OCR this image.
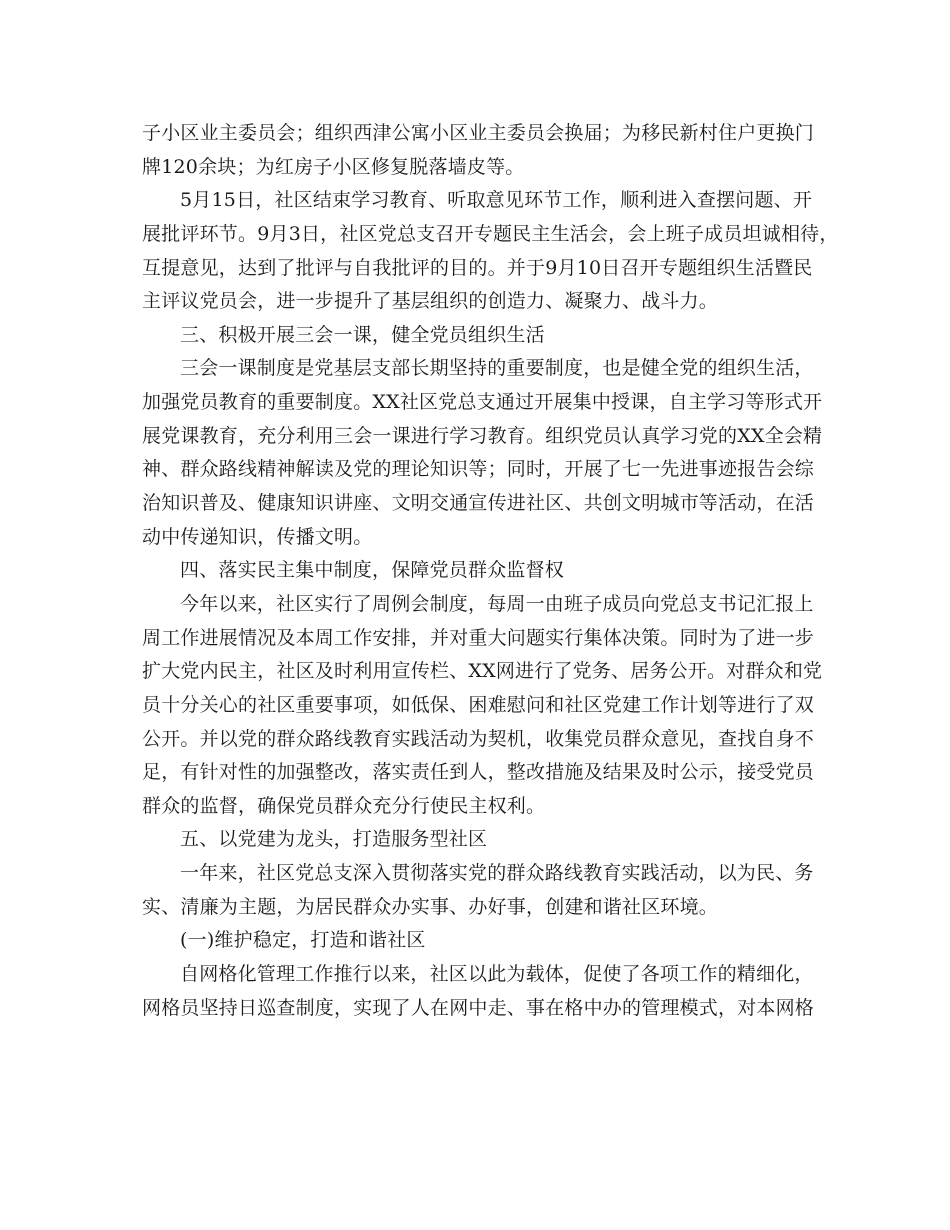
子小区业主委员会；组织西津公寓小区业主委员会换届；为移民新村住户更换门
牌120余块；为红房子小区修复脱落墙皮等。
5月15日，社区结束学习教育、听取意见环节工作，顺利进入查摆问题、开
展批评环节。9月3日，社区党总支召开专题民主生活会，会上班子成员坦诚相待，
互提意见，达到了批评与自我批评的目的。并于9月10日召开专题组织生活暨民
主评议党员会，进一步提升了基层组织的创造力、凝聚力、战斗力。
三、积极开展三会一课，健全党员组织生活
三会一课制度是党基层支部长期坚持的重要制度，也是健全党的组织生活，
加强党员教育的重要制度。XX社区党总支通过开展集中授课，自主学习等形式开
展党课教育，充分利用三会一课进行学习教育。组织党员认真学习党的XX全会精
神、群众路线精神解读及党的理论知识等；同时，开展了七一先进事迹报告会综
治知识普及、健康知识讲座、文明交通宣传进社区、共创文明城市等活动，在活
动中传递知识，传播文明。
四、落实民主集中制度，保障党员群众监督权
今年以来，社区实行了周例会制度，每周一由班子成员向党总支书记汇报上
周工作进展情况及本周工作安排，并对重大问题实行集体决策。同时为了进一步
扩大党内民主，社区及时利用宣传栏、XX网进行了党务、居务公开。对群众和党
员十分关心的社区重要事项，如低保、困难慰问和社区党建工作计划等进行了双
公开。并以党的群众路线教育实践活动为契机，收集党员群众意见，查找自身不
足，有针对性的加强整改，落实责任到人，整改措施及结果及时公示，接受党员
群众的监督，确保党员群众充分行使民主权利。
五、以党建为龙头，打造服务型社区
一年来，社区党总支深入贯彻落实党的群众路线教育实践活动，以为民、务
实、清廉为主题，为居民群众办实事、办好事，创建和谐社区环境。
(一)维护稳定，打造和谐社区
自网格化管理工作推行以来，社区以此为载体，促使了各项工作的精细化，
网格员坚持日巡查制度，实现了人在网中走、事在格中办的管理模式，对本网格
